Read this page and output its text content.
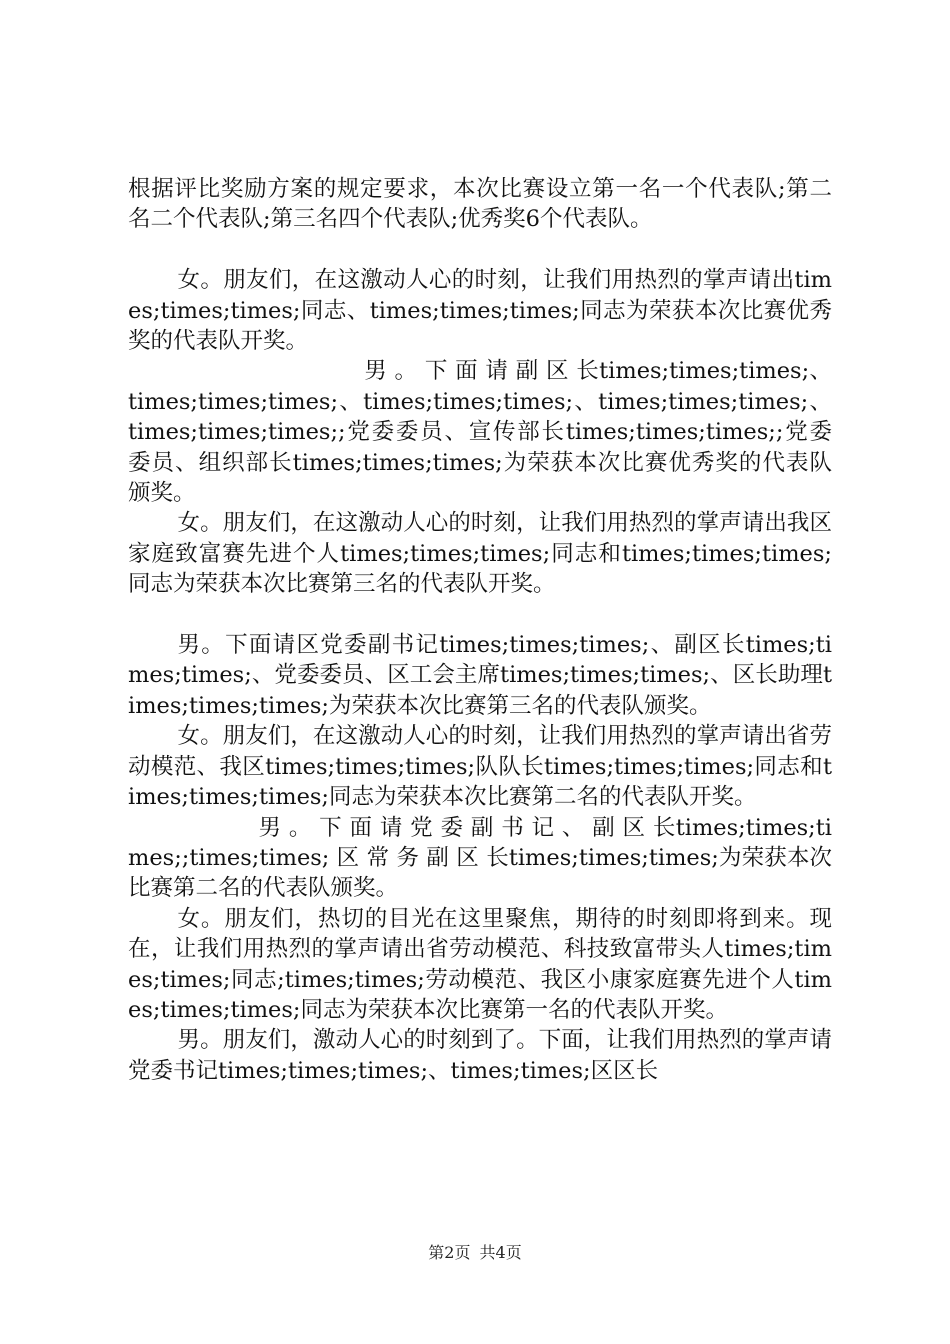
根据评比奖励方案的规定要求，本次比赛设立第一名一个代表队;第二名二个代表队;第三名四个代表队;优秀奖6个代表队。

女。朋友们，在这激动人心的时刻，让我们用热烈的掌声请出times;times;times;同志、times;times;times;同志为荣获本次比赛优秀奖的代表队开奖。

男 。 下 面 请 副 区 长times;times;times;、times;times;times;、times;times;times;、times;times;times;、times;times;times;;党委委员、宣传部长times;times;times;;党委委员、组织部长times;times;times;为荣获本次比赛优秀奖的代表队颁奖。

女。朋友们，在这激动人心的时刻，让我们用热烈的掌声请出我区家庭致富赛先进个人times;times;times;同志和times;times;times;同志为荣获本次比赛第三名的代表队开奖。

男。下面请区党委副书记times;times;times;、副区长times;times;times;、党委委员、区工会主席times;times;times;、区长助理times;times;times;为荣获本次比赛第三名的代表队颁奖。

女。朋友们，在这激动人心的时刻，让我们用热烈的掌声请出省劳动模范、我区times;times;times;队队长times;times;times;同志和times;times;times;同志为荣获本次比赛第二名的代表队开奖。

男 。 下 面 请 党 委 副 书 记 、 副 区 长times;times;times;;times;times; 区 常 务 副 区 长times;times;times;为荣获本次比赛第二名的代表队颁奖。

女。朋友们，热切的目光在这里聚焦，期待的时刻即将到来。现在，让我们用热烈的掌声请出省劳动模范、科技致富带头人times;times;times;同志;times;times;劳动模范、我区小康家庭赛先进个人times;times;times;同志为荣获本次比赛第一名的代表队开奖。

男。朋友们，激动人心的时刻到了。下面，让我们用热烈的掌声请党委书记times;times;times;、times;times;区区长

第2页 共4页
